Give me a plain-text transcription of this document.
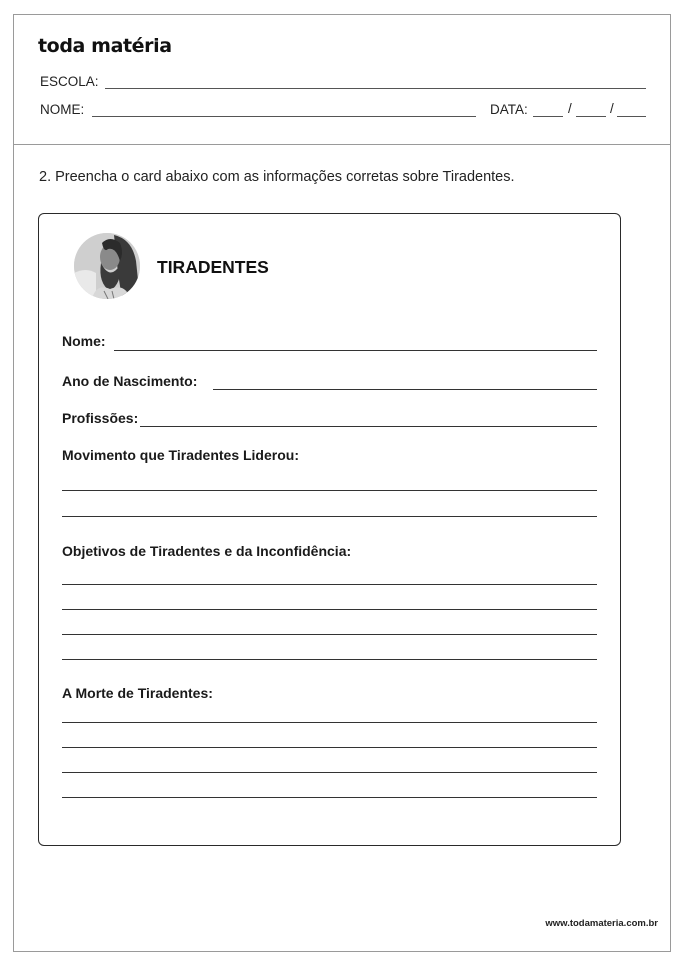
toda matéria
ESCOLA:
NOME:	DATA:	/	/
2. Preencha o card abaixo com as informações corretas sobre Tiradentes.
TIRADENTES
Nome:
Ano de Nascimento:
Profissões:
Movimento que Tiradentes Liderou:
Objetivos de Tiradentes e da Inconfidência:
A Morte de Tiradentes:
www.todamateria.com.br
